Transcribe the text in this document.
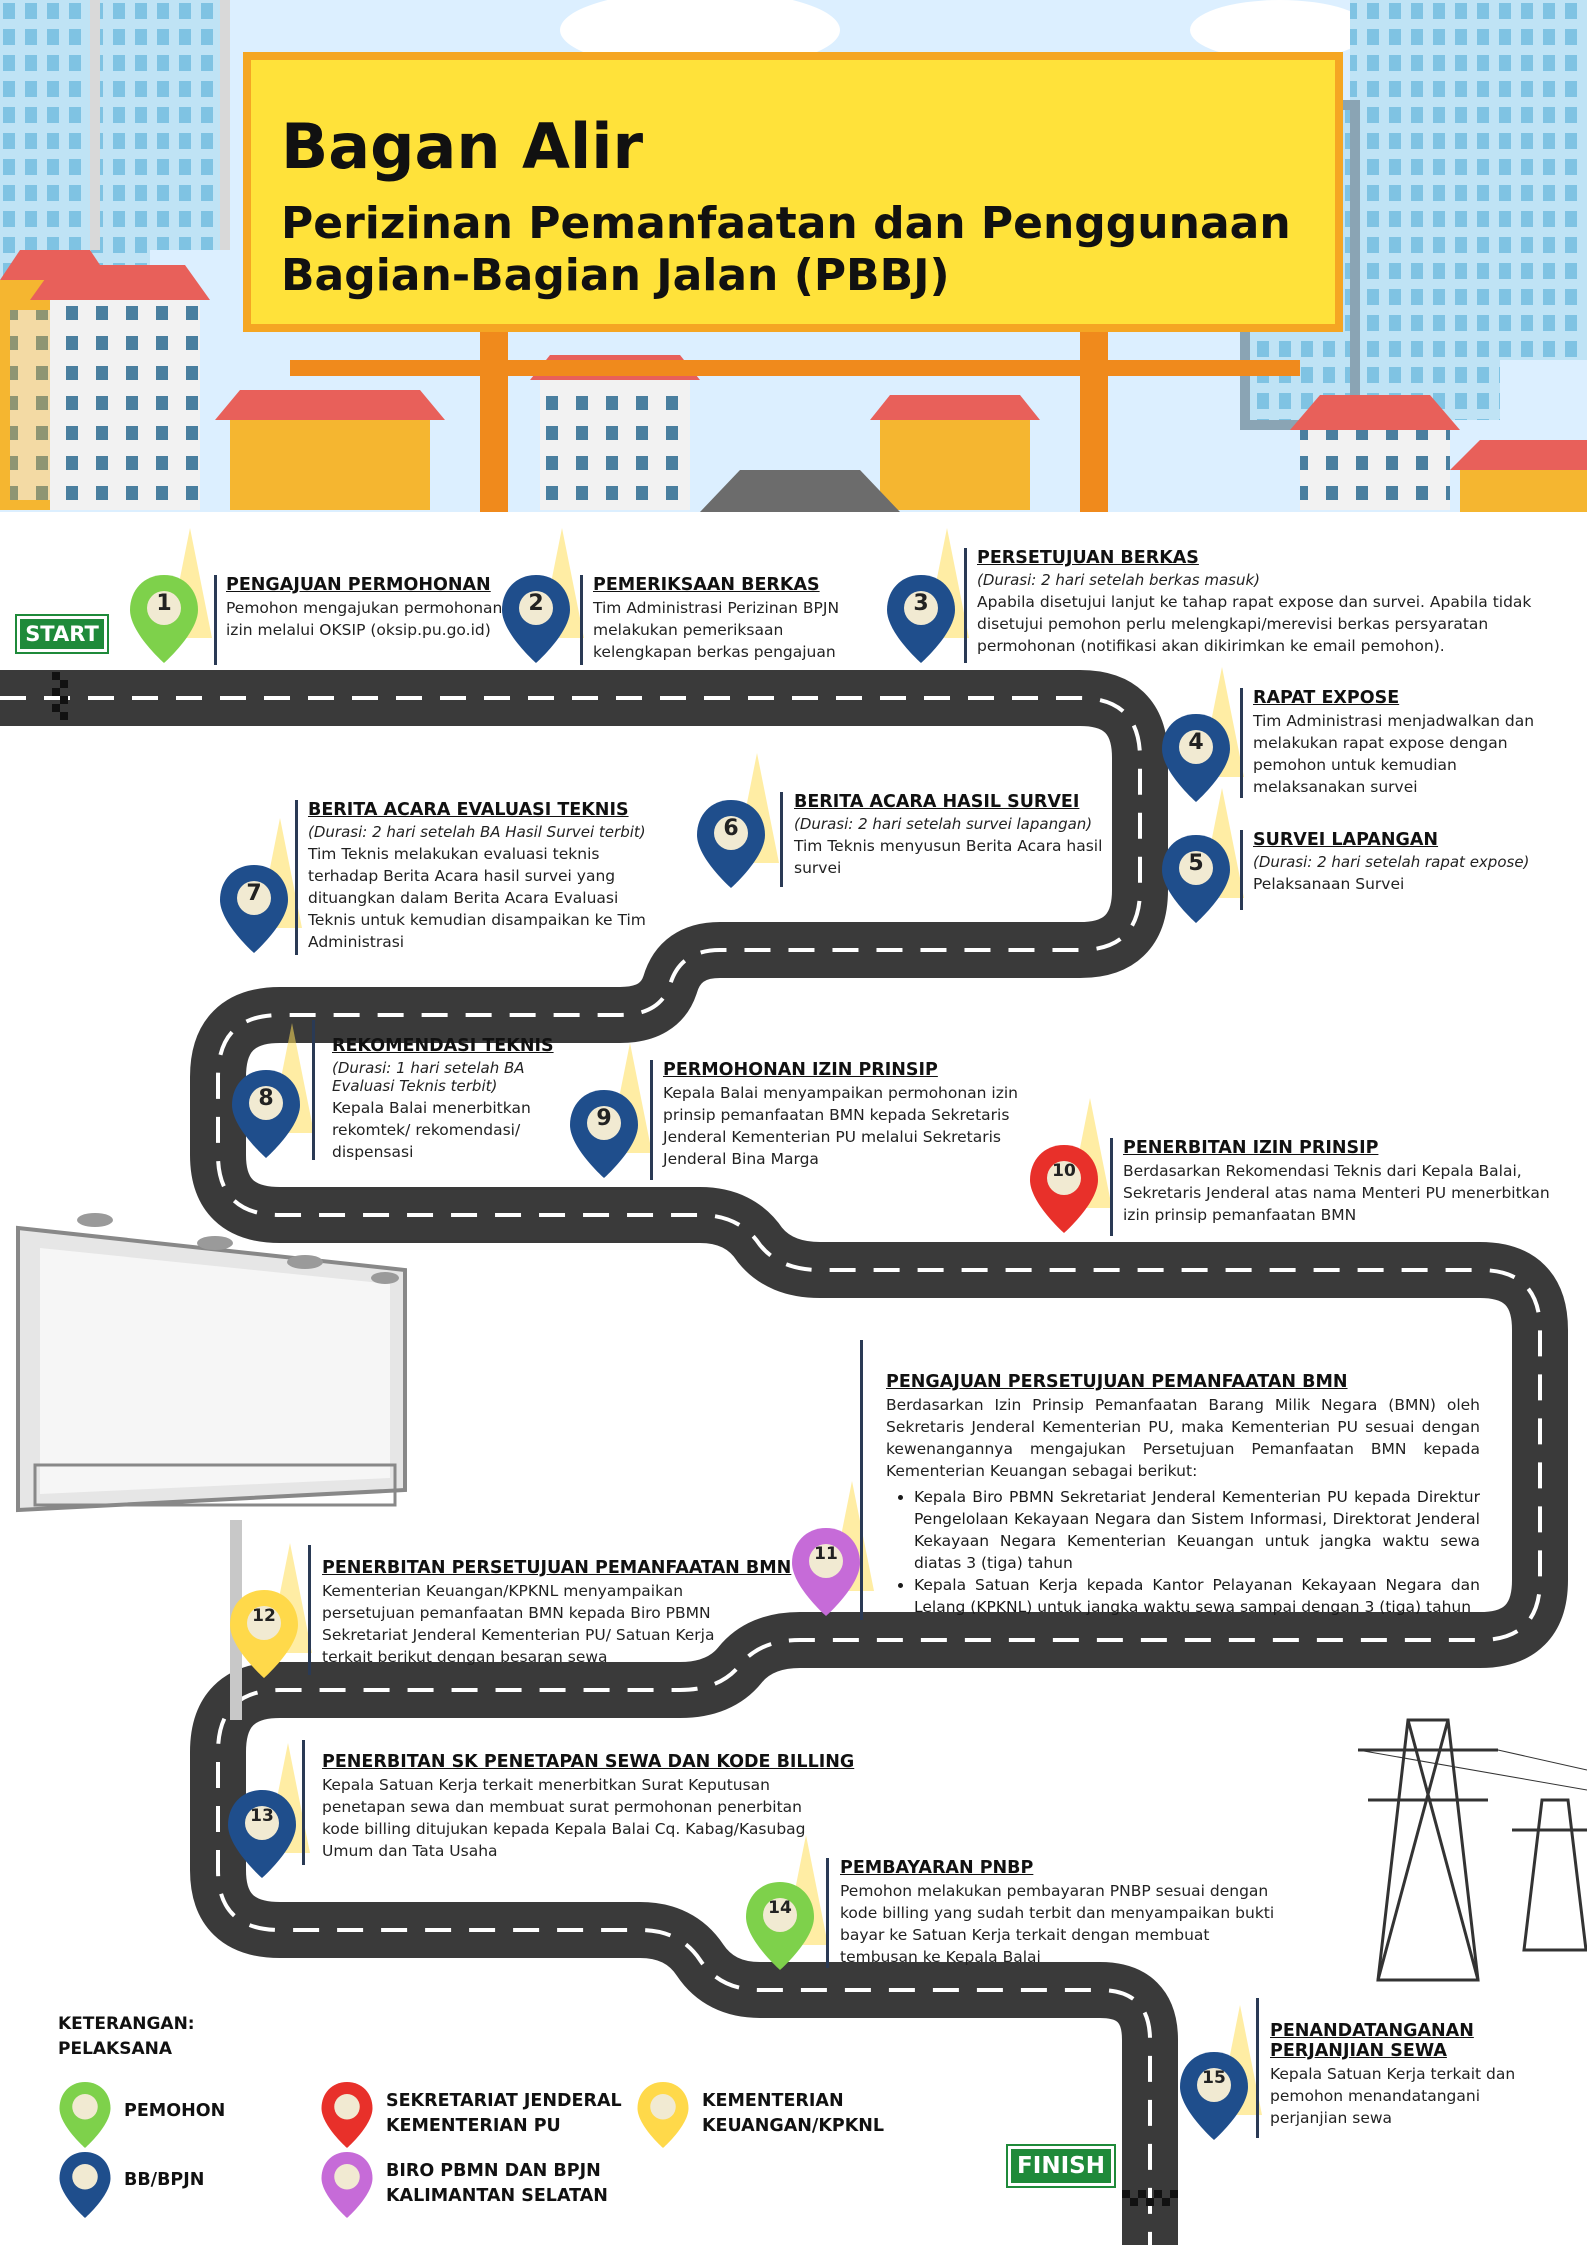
Bagan Alir
Perizinan Pemanfaatan dan Penggunaan
Bagian-Bagian Jalan (PBBJ)
START
FINISH
1	2	3
4
5
6
7
8
9
10
11
12
13
14
15
PENGAJUAN PERMOHONAN
Pemohon mengajukan permohonan izin melalui OKSIP (oksip.pu.go.id)
PEMERIKSAAN BERKAS
Tim Administrasi Perizinan BPJN melakukan pemeriksaan kelengkapan berkas pengajuan
PERSETUJUAN BERKAS
(Durasi: 2 hari setelah berkas masuk)
Apabila disetujui lanjut ke tahap rapat expose dan survei. Apabila tidak disetujui pemohon perlu melengkapi/merevisi berkas persyaratan permohonan (notifikasi akan dikirimkan ke email pemohon).
RAPAT EXPOSE
Tim Administrasi menjadwalkan dan melakukan rapat expose dengan pemohon untuk kemudian melaksanakan survei
SURVEI LAPANGAN
(Durasi: 2 hari setelah rapat expose)
Pelaksanaan Survei
BERITA ACARA HASIL SURVEI
(Durasi: 2 hari setelah survei lapangan)
Tim Teknis menyusun Berita Acara hasil survei
BERITA ACARA EVALUASI TEKNIS
(Durasi: 2 hari setelah BA Hasil Survei terbit)
Tim Teknis melakukan evaluasi teknis terhadap Berita Acara hasil survei yang dituangkan dalam Berita Acara Evaluasi Teknis untuk kemudian disampaikan ke Tim Administrasi
REKOMENDASI TEKNIS
(Durasi: 1 hari setelah BA Evaluasi Teknis terbit)
Kepala Balai menerbitkan rekomtek/ rekomendasi/ dispensasi
PERMOHONAN IZIN PRINSIP
Kepala Balai menyampaikan permohonan izin prinsip pemanfaatan BMN kepada Sekretaris Jenderal Kementerian PU melalui Sekretaris Jenderal Bina Marga
PENERBITAN IZIN PRINSIP
Berdasarkan Rekomendasi Teknis dari Kepala Balai, Sekretaris Jenderal atas nama Menteri PU menerbitkan izin prinsip pemanfaatan BMN
PENGAJUAN PERSETUJUAN PEMANFAATAN BMN
Berdasarkan Izin Prinsip Pemanfaatan Barang Milik Negara (BMN) oleh Sekretaris Jenderal Kementerian PU, maka Kementerian PU sesuai dengan kewenangannya mengajukan Persetujuan Pemanfaatan BMN kepada Kementerian Keuangan sebagai berikut:
• Kepala Biro PBMN Sekretariat Jenderal Kementerian PU kepada Direktur Pengelolaan Kekayaan Negara dan Sistem Informasi, Direktorat Jenderal Kekayaan Negara Kementerian Keuangan untuk jangka waktu sewa diatas 3 (tiga) tahun
• Kepala Satuan Kerja kepada Kantor Pelayanan Kekayaan Negara dan Lelang (KPKNL) untuk jangka waktu sewa sampai dengan 3 (tiga) tahun
PENERBITAN PERSETUJUAN PEMANFAATAN BMN
Kementerian Keuangan/KPKNL menyampaikan persetujuan pemanfaatan BMN kepada Biro PBMN Sekretariat Jenderal Kementerian PU/ Satuan Kerja terkait berikut dengan besaran sewa
PENERBITAN SK PENETAPAN SEWA DAN KODE BILLING
Kepala Satuan Kerja terkait menerbitkan Surat Keputusan penetapan sewa dan membuat surat permohonan penerbitan kode billing ditujukan kepada Kepala Balai Cq. Kabag/Kasubag Umum dan Tata Usaha
PEMBAYARAN PNBP
Pemohon melakukan pembayaran PNBP sesuai dengan kode billing yang sudah terbit dan menyampaikan bukti bayar ke Satuan Kerja terkait dengan membuat tembusan ke Kepala Balai
PENANDATANGANAN
PERJANJIAN SEWA
Kepala Satuan Kerja terkait dan pemohon menandatangani perjanjian sewa
KETERANGAN:
PELAKSANA
PEMOHON
BB/BPJN
SEKRETARIAT JENDERAL
KEMENTERIAN PU
BIRO PBMN DAN BPJN
KALIMANTAN SELATAN
KEMENTERIAN
KEUANGAN/KPKNL
